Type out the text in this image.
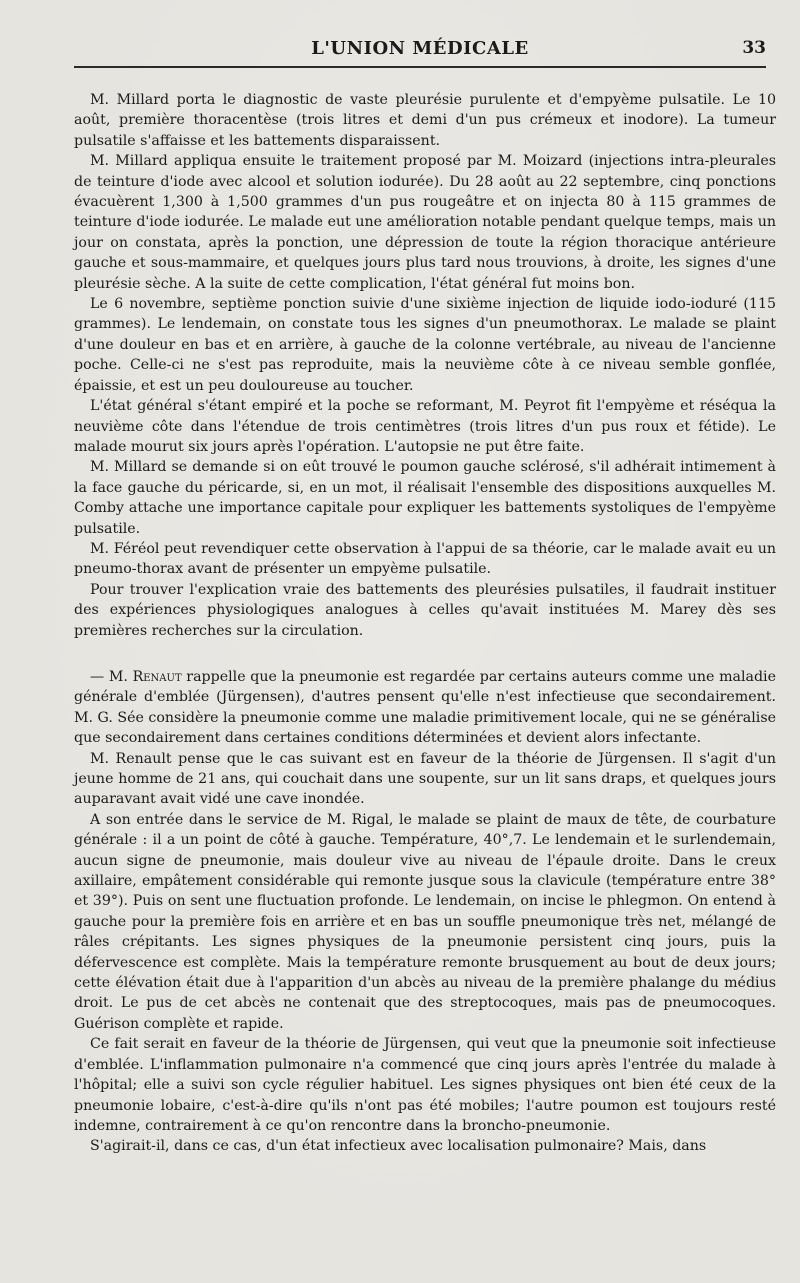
L'UNION MÉDICALE	33

M. Millard porta le diagnostic de vaste pleurésie purulente et d'empyème pulsatile. Le 10 août, première thoracentèse (trois litres et demi d'un pus crémeux et inodore). La tumeur pulsatile s'affaisse et les battements disparaissent.

M. Millard appliqua ensuite le traitement proposé par M. Moizard (injections intra-pleurales de teinture d'iode avec alcool et solution iodurée). Du 28 août au 22 septembre, cinq ponctions évacuèrent 1,300 à 1,500 grammes d'un pus rougeâtre et on injecta 80 à 115 grammes de teinture d'iode iodurée. Le malade eut une amélioration notable pendant quelque temps, mais un jour on constata, après la ponction, une dépression de toute la région thoracique antérieure gauche et sous-mammaire, et quelques jours plus tard nous trouvions, à droite, les signes d'une pleurésie sèche. A la suite de cette complication, l'état général fut moins bon.

Le 6 novembre, septième ponction suivie d'une sixième injection de liquide iodo-ioduré (115 grammes). Le lendemain, on constate tous les signes d'un pneumothorax. Le malade se plaint d'une douleur en bas et en arrière, à gauche de la colonne vertébrale, au niveau de l'ancienne poche. Celle-ci ne s'est pas reproduite, mais la neuvième côte à ce niveau semble gonflée, épaissie, et est un peu douloureuse au toucher.

L'état général s'étant empiré et la poche se reformant, M. Peyrot fit l'empyème et réséqua la neuvième côte dans l'étendue de trois centimètres (trois litres d'un pus roux et fétide). Le malade mourut six jours après l'opération. L'autopsie ne put être faite.

M. Millard se demande si on eût trouvé le poumon gauche sclérosé, s'il adhérait intimement à la face gauche du péricarde, si, en un mot, il réalisait l'ensemble des dispositions auxquelles M. Comby attache une importance capitale pour expliquer les battements systoliques de l'empyème pulsatile.

M. Féréol peut revendiquer cette observation à l'appui de sa théorie, car le malade avait eu un pneumo-thorax avant de présenter un empyème pulsatile.

Pour trouver l'explication vraie des battements des pleurésies pulsatiles, il faudrait instituer des expériences physiologiques analogues à celles qu'avait instituées M. Marey dès ses premières recherches sur la circulation.

— M. Renaut rappelle que la pneumonie est regardée par certains auteurs comme une maladie générale d'emblée (Jürgensen), d'autres pensent qu'elle n'est infectieuse que secondairement. M. G. Sée considère la pneumonie comme une maladie primitivement locale, qui ne se généralise que secondairement dans certaines conditions déterminées et devient alors infectante.

M. Renault pense que le cas suivant est en faveur de la théorie de Jürgensen. Il s'agit d'un jeune homme de 21 ans, qui couchait dans une soupente, sur un lit sans draps, et quelques jours auparavant avait vidé une cave inondée.

A son entrée dans le service de M. Rigal, le malade se plaint de maux de tête, de courbature générale : il a un point de côté à gauche. Température, 40°,7. Le lendemain et le surlendemain, aucun signe de pneumonie, mais douleur vive au niveau de l'épaule droite. Dans le creux axillaire, empâtement considérable qui remonte jusque sous la clavicule (température entre 38° et 39°). Puis on sent une fluctuation profonde. Le lendemain, on incise le phlegmon. On entend à gauche pour la première fois en arrière et en bas un souffle pneumonique très net, mélangé de râles crépitants. Les signes physiques de la pneumonie persistent cinq jours, puis la défervescence est complète. Mais la température remonte brusquement au bout de deux jours; cette élévation était due à l'apparition d'un abcès au niveau de la première phalange du médius droit. Le pus de cet abcès ne contenait que des streptocoques, mais pas de pneumocoques. Guérison complète et rapide.

Ce fait serait en faveur de la théorie de Jürgensen, qui veut que la pneumonie soit infectieuse d'emblée. L'inflammation pulmonaire n'a commencé que cinq jours après l'entrée du malade à l'hôpital; elle a suivi son cycle régulier habituel. Les signes physiques ont bien été ceux de la pneumonie lobaire, c'est-à-dire qu'ils n'ont pas été mobiles; l'autre poumon est toujours resté indemne, contrairement à ce qu'on rencontre dans la broncho-pneumonie.

S'agirait-il, dans ce cas, d'un état infectieux avec localisation pulmonaire? Mais, dans
